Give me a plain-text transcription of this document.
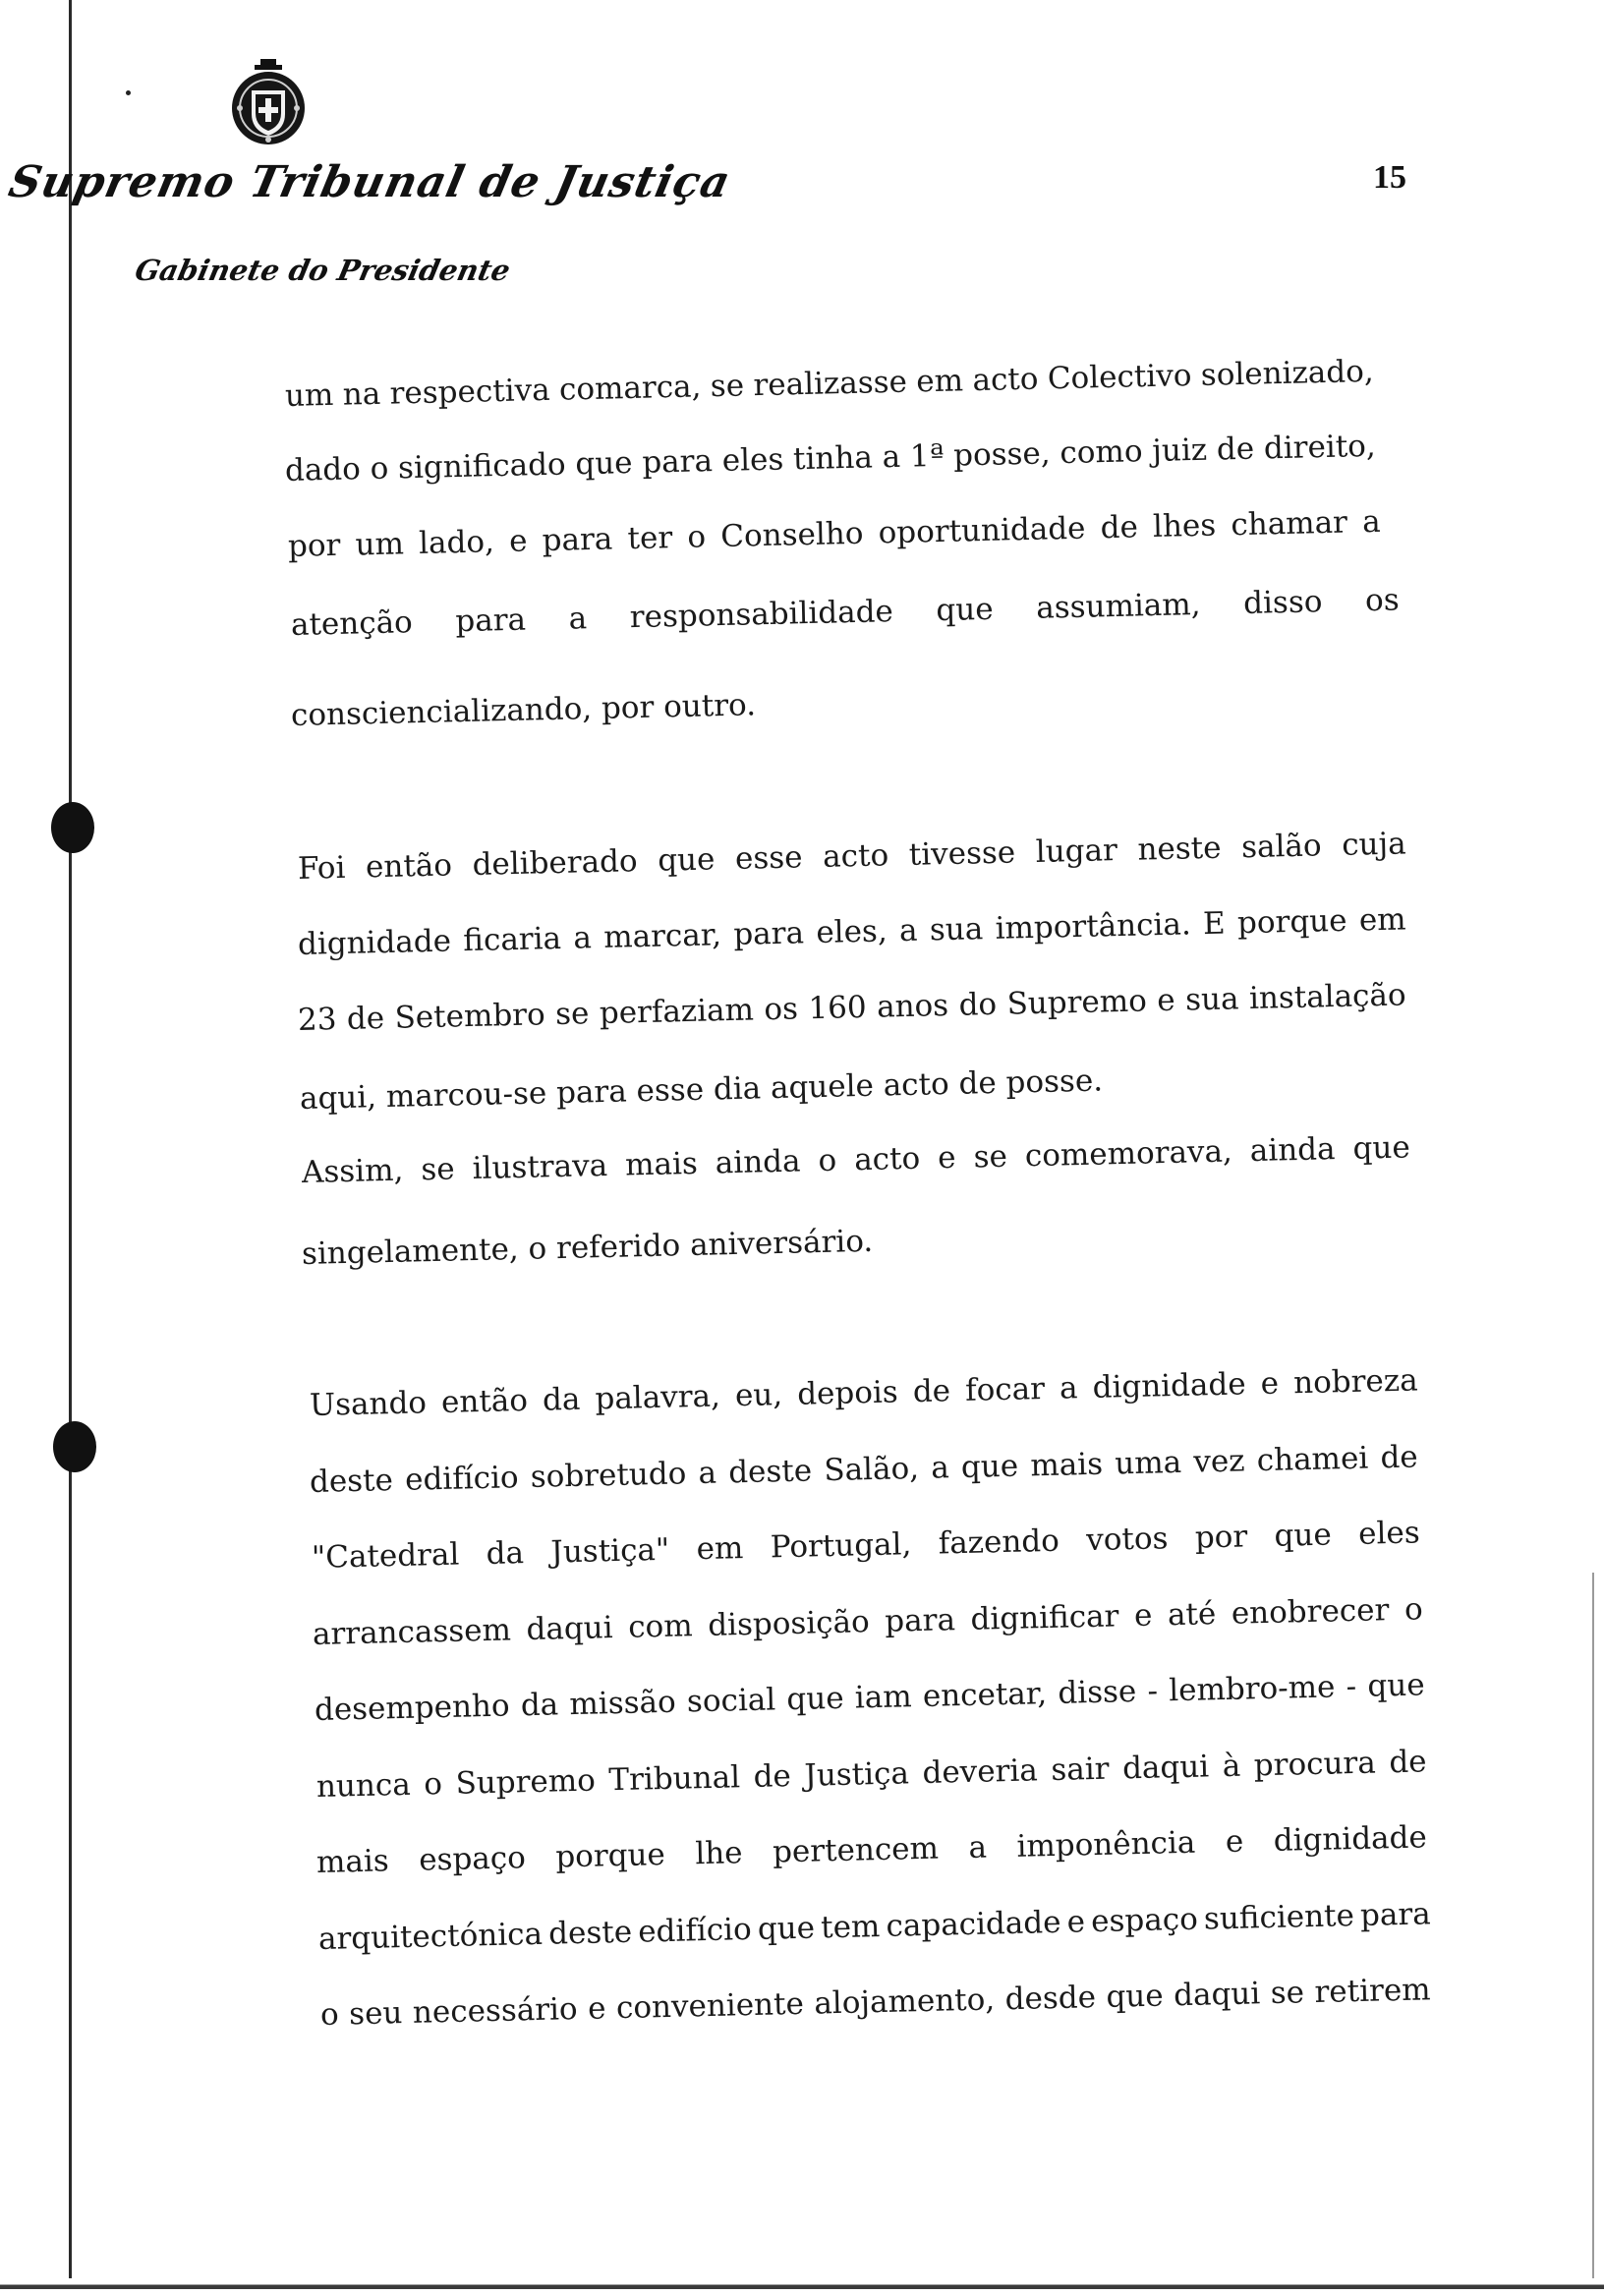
Supremo Tribunal de Justiça
Gabinete do Presidente
15
um na respectiva comarca, se realizasse em acto Colectivo solenizado,
dado o significado que para eles tinha a 1ª posse, como juiz de direito,
por um lado, e para ter o Conselho oportunidade de lhes chamar a
atenção para a responsabilidade que assumiam, disso os
consciencializando, por outro.
Foi então deliberado que esse acto tivesse lugar neste salão cuja
dignidade ficaria a marcar, para eles, a sua importância. E porque em
23 de Setembro se perfaziam os 160 anos do Supremo e sua instalação
aqui, marcou-se para esse dia aquele acto de posse.
Assim, se ilustrava mais ainda o acto e se comemorava, ainda que
singelamente, o referido aniversário.
Usando então da palavra, eu, depois de focar a dignidade e nobreza
deste edifício sobretudo a deste Salão, a que mais uma vez chamei de
"Catedral da Justiça" em Portugal, fazendo votos por que eles
arrancassem daqui com disposição para dignificar e até enobrecer o
desempenho da missão social que iam encetar, disse - lembro-me - que
nunca o Supremo Tribunal de Justiça deveria sair daqui à procura de
mais espaço porque lhe pertencem a imponência e dignidade
arquitectónica deste edifício que tem capacidade e espaço suficiente para
o seu necessário e conveniente alojamento, desde que daqui se retirem
